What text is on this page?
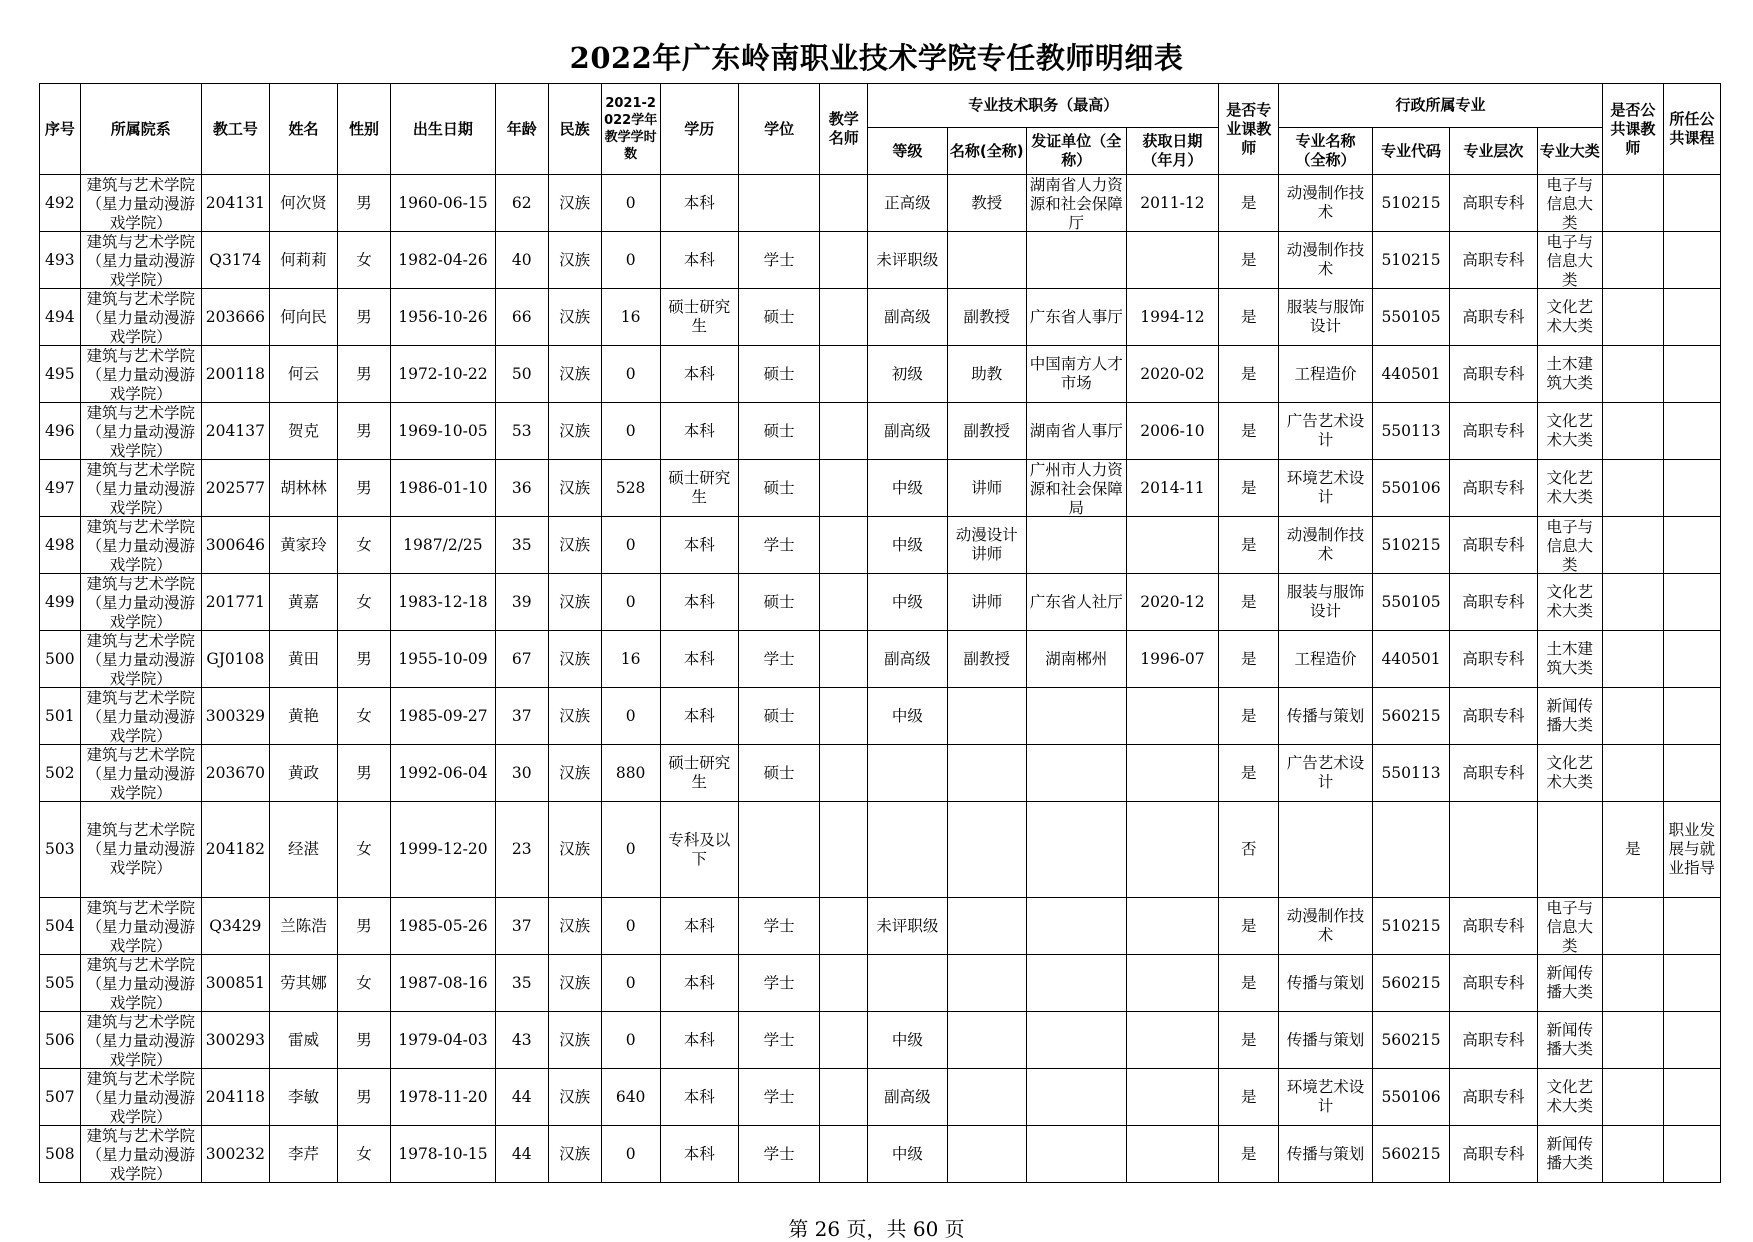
2022年广东岭南职业技术学院专任教师明细表
序号	所属院系	教工号	姓名	性别	出生日期	年龄	民族	2021-2022学年教学学时数	学历	学位	教学名师	专业技术职务（最高）				是否专业课教师	行政所属专业				是否公共课教师	所任公共课程
												等级	名称(全称)	发证单位（全称）	获取日期（年月）		专业名称（全称）	专业代码	专业层次	专业大类		
492	建筑与艺术学院（星力量动漫游戏学院）	204131	何次贤	男	1960-06-15	62	汉族	0	本科			正高级	教授	湖南省人力资源和社会保障厅	2011-12	是	动漫制作技术	510215	高职专科	电子与信息大类		

493	建筑与艺术学院（星力量动漫游戏学院）	Q3174	何莉莉	女	1982-04-26	40	汉族	0	本科	学士		未评职级				是	动漫制作技术	510215	高职专科	电子与信息大类		

494	建筑与艺术学院（星力量动漫游戏学院）	203666	何向民	男	1956-10-26	66	汉族	16	硕士研究生	硕士		副高级	副教授	广东省人事厅	1994-12	是	服装与服饰设计	550105	高职专科	文化艺术大类		

495	建筑与艺术学院（星力量动漫游戏学院）	200118	何云	男	1972-10-22	50	汉族	0	本科	硕士		初级	助教	中国南方人才市场	2020-02	是	工程造价	440501	高职专科	土木建筑大类		

496	建筑与艺术学院（星力量动漫游戏学院）	204137	贺克	男	1969-10-05	53	汉族	0	本科	硕士		副高级	副教授	湖南省人事厅	2006-10	是	广告艺术设计	550113	高职专科	文化艺术大类		

497	建筑与艺术学院（星力量动漫游戏学院）	202577	胡林林	男	1986-01-10	36	汉族	528	硕士研究生	硕士		中级	讲师	广州市人力资源和社会保障局	2014-11	是	环境艺术设计	550106	高职专科	文化艺术大类		

498	建筑与艺术学院（星力量动漫游戏学院）	300646	黄家玲	女	1987/2/25	35	汉族	0	本科	学士		中级	动漫设计讲师			是	动漫制作技术	510215	高职专科	电子与信息大类		

499	建筑与艺术学院（星力量动漫游戏学院）	201771	黄嘉	女	1983-12-18	39	汉族	0	本科	硕士		中级	讲师	广东省人社厅	2020-12	是	服装与服饰设计	550105	高职专科	文化艺术大类		

500	建筑与艺术学院（星力量动漫游戏学院）	GJ0108	黄田	男	1955-10-09	67	汉族	16	本科	学士		副高级	副教授	湖南郴州	1996-07	是	工程造价	440501	高职专科	土木建筑大类		

501	建筑与艺术学院（星力量动漫游戏学院）	300329	黄艳	女	1985-09-27	37	汉族	0	本科	硕士		中级				是	传播与策划	560215	高职专科	新闻传播大类		

502	建筑与艺术学院（星力量动漫游戏学院）	203670	黄政	男	1992-06-04	30	汉族	880	硕士研究生	硕士						是	广告艺术设计	550113	高职专科	文化艺术大类		

503	建筑与艺术学院（星力量动漫游戏学院）	204182	经湛	女	1999-12-20	23	汉族	0	专科及以下							否					是	职业发展与就业指导

504	建筑与艺术学院（星力量动漫游戏学院）	Q3429	兰陈浩	男	1985-05-26	37	汉族	0	本科	学士		未评职级				是	动漫制作技术	510215	高职专科	电子与信息大类		

505	建筑与艺术学院（星力量动漫游戏学院）	300851	劳其娜	女	1987-08-16	35	汉族	0	本科	学士						是	传播与策划	560215	高职专科	新闻传播大类		

506	建筑与艺术学院（星力量动漫游戏学院）	300293	雷威	男	1979-04-03	43	汉族	0	本科	学士		中级				是	传播与策划	560215	高职专科	新闻传播大类		

507	建筑与艺术学院（星力量动漫游戏学院）	204118	李敏	男	1978-11-20	44	汉族	640	本科	学士		副高级				是	环境艺术设计	550106	高职专科	文化艺术大类		

508	建筑与艺术学院（星力量动漫游戏学院）	300232	李芹	女	1978-10-15	44	汉族	0	本科	学士		中级				是	传播与策划	560215	高职专科	新闻传播大类		

第 26 页，共 60 页
